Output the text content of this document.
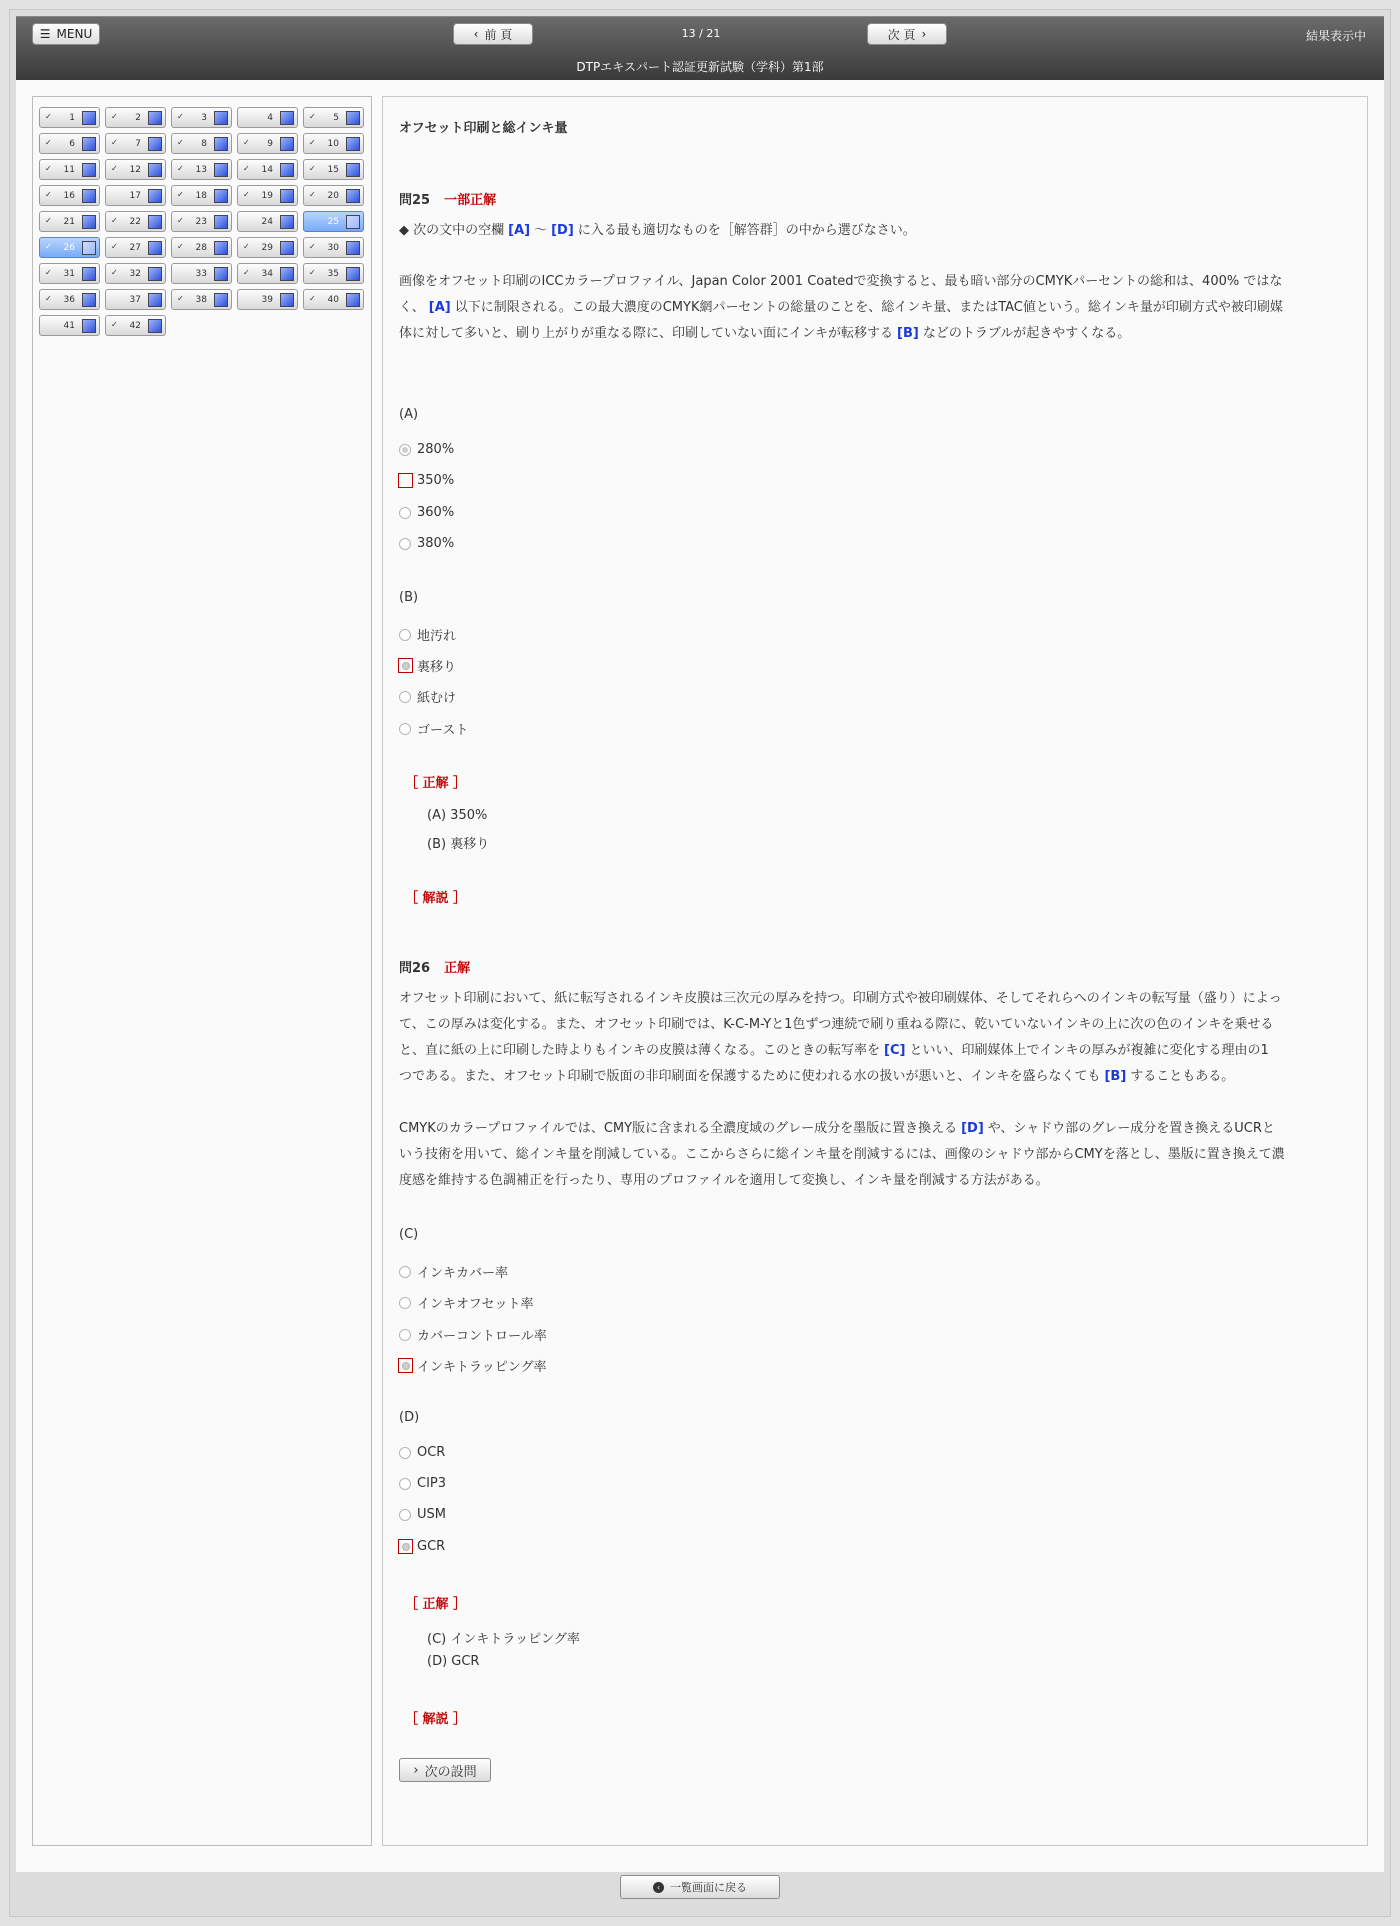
☰ MENU	‹ 前 頁	13 / 21	次 頁 ›	結果表示中
DTPエキスパート認証更新試験（学科）第1部
✓ 1	✓ 2	✓ 3	4	✓ 5
✓ 6	✓ 7	✓ 8	✓ 9	✓ 10
✓ 11	✓ 12	✓ 13	✓ 14	✓ 15
✓ 16	17	✓ 18	✓ 19	✓ 20
✓ 21	✓ 22	✓ 23	24	25
✓ 26	✓ 27	✓ 28	✓ 29	✓ 30
✓ 31	✓ 32	33	✓ 34	✓ 35
✓ 36	37	✓ 38	39	✓ 40
41	✓ 42
オフセット印刷と総インキ量
問25 一部正解
◆ 次の文中の空欄 [A] 〜 [D] に入る最も適切なものを［解答群］の中から選びなさい。
画像をオフセット印刷のICCカラープロファイル、Japan Color 2001 Coatedで変換すると、最も暗い部分のCMYKパーセントの総和は、400% ではな
く、 [A] 以下に制限される。この最大濃度のCMYK網パーセントの総量のことを、総インキ量、またはTAC値という。総インキ量が印刷方式や被印刷媒
体に対して多いと、刷り上がりが重なる際に、印刷していない面にインキが転移する [B] などのトラブルが起きやすくなる。
(A)
280%
350%
360%
380%
(B)
地汚れ
裏移り
紙むけ
ゴースト
［ 正解 ］
(A) 350%
(B) 裏移り
［ 解説 ］
問26 正解
オフセット印刷において、紙に転写されるインキ皮膜は三次元の厚みを持つ。印刷方式や被印刷媒体、そしてそれらへのインキの転写量（盛り）によっ
て、この厚みは変化する。また、オフセット印刷では、K-C-M-Yと1色ずつ連続で刷り重ねる際に、乾いていないインキの上に次の色のインキを乗せる
と、直に紙の上に印刷した時よりもインキの皮膜は薄くなる。このときの転写率を [C] といい、印刷媒体上でインキの厚みが複雑に変化する理由の1
つである。また、オフセット印刷で版面の非印刷面を保護するために使われる水の扱いが悪いと、インキを盛らなくても [B] することもある。
CMYKのカラープロファイルでは、CMY版に含まれる全濃度域のグレー成分を墨版に置き換える [D] や、シャドウ部のグレー成分を置き換えるUCRと
いう技術を用いて、総インキ量を削減している。ここからさらに総インキ量を削減するには、画像のシャドウ部からCMYを落とし、墨版に置き換えて濃
度感を維持する色調補正を行ったり、専用のプロファイルを適用して変換し、インキ量を削減する方法がある。
(C)
インキカバー率
インキオフセット率
カバーコントロール率
インキトラッピング率
(D)
OCR
CIP3
USM
GCR
［ 正解 ］
(C) インキトラッピング率
(D) GCR
［ 解説 ］
› 次の設問
‹ 一覧画面に戻る
